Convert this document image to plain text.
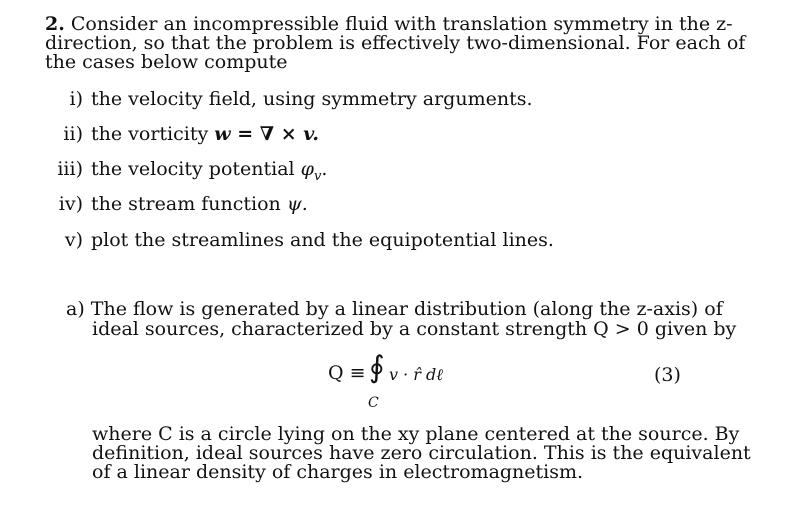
2. Consider an incompressible fluid with translation symmetry in the z-
direction, so that the problem is effectively two-dimensional. For each of
the cases below compute
i) the velocity field, using symmetry arguments.
ii) the vorticity w = ∇ × v.
iii) the velocity potential $\varphi_v$.
iv) the stream function ψ.
v) plot the streamlines and the equipotential lines.
a) The flow is generated by a linear distribution (along the z-axis) of
ideal sources, characterized by a constant strength Q > 0 given by
Q ≡ ∮ v · r̂ dℓ
C
(3)
where C is a circle lying on the xy plane centered at the source. By
definition, ideal sources have zero circulation. This is the equivalent
of a linear density of charges in electromagnetism.
